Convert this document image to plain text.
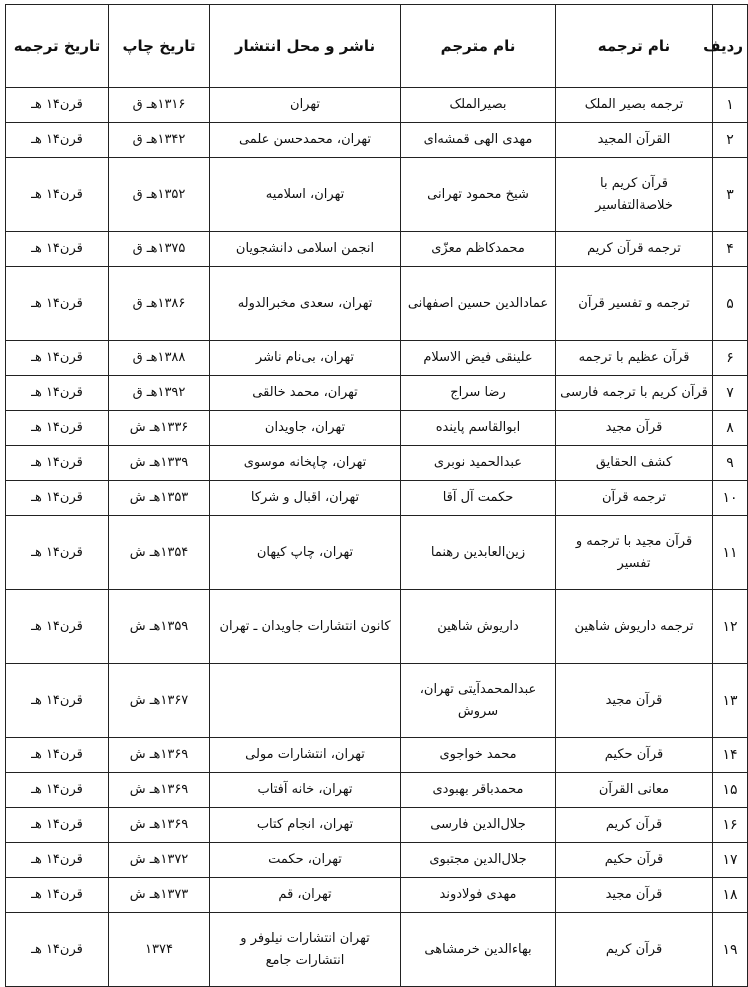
ردیف	نام ترجمه	نام مترجم	ناشر و محل انتشار	تاریخ چاپ	تاریخ ترجمه
۱	ترجمه بصیر الملک	بصیرالملک	تهران	۱۳۱۶هـ ق	قرن۱۴ هـ
۲	القرآن المجید	مهدی الهی قمشه‌ای	تهران، محمدحسن علمی	۱۳۴۲هـ ق	قرن۱۴ هـ
۳	قرآن کریم با خلاصة‌التفاسیر	شیخ محمود تهرانی	تهران، اسلامیه	۱۳۵۲هـ ق	قرن۱۴ هـ
۴	ترجمه قرآن کریم	محمدکاظم معزّی	انجمن اسلامی دانشجویان	۱۳۷۵هـ ق	قرن۱۴ هـ
۵	ترجمه و تفسیر قرآن	عمادالدین حسین اصفهانی	تهران، سعدی مخبرالدوله	۱۳۸۶هـ ق	قرن۱۴ هـ
۶	قرآن عظیم با ترجمه	علینقی فیض الاسلام	تهران، بی‌نام ناشر	۱۳۸۸هـ ق	قرن۱۴ هـ
۷	قرآن کریم با ترجمه فارسی	رضا سراج	تهران، محمد خالقی	۱۳۹۲هـ ق	قرن۱۴ هـ
۸	قرآن مجید	ابوالقاسم پاینده	تهران، جاویدان	۱۳۳۶هـ ش	قرن۱۴ هـ
۹	کشف الحقایق	عبدالحمید نوبری	تهران، چاپخانه موسوی	۱۳۳۹هـ ش	قرن۱۴ هـ
۱۰	ترجمه قرآن	حکمت آل آقا	تهران، اقبال و شرکا	۱۳۵۳هـ ش	قرن۱۴ هـ
۱۱	قرآن مجید با ترجمه و تفسیر	زین‌العابدین رهنما	تهران، چاپ کیهان	۱۳۵۴هـ ش	قرن۱۴ هـ
۱۲	ترجمه داریوش شاهین	داریوش شاهین	کانون انتشارات جاویدان ـ تهران	۱۳۵۹هـ ش	قرن۱۴ هـ
۱۳	قرآن مجید	عبدالمحمدآیتی تهران، سروش		۱۳۶۷هـ ش	قرن۱۴ هـ
۱۴	قرآن حکیم	محمد خواجوی	تهران، انتشارات مولی	۱۳۶۹هـ ش	قرن۱۴ هـ
۱۵	معانی القرآن	محمدباقر بهبودی	تهران، خانه آفتاب	۱۳۶۹هـ ش	قرن۱۴ هـ
۱۶	قرآن کریم	جلال‌الدین فارسی	تهران، انجام کتاب	۱۳۶۹هـ ش	قرن۱۴ هـ
۱۷	قرآن حکیم	جلال‌الدین مجتبوی	تهران، حکمت	۱۳۷۲هـ ش	قرن۱۴ هـ
۱۸	قرآن مجید	مهدی فولادوند	تهران، قم	۱۳۷۳هـ ش	قرن۱۴ هـ
۱۹	قرآن کریم	بهاءالدین خرمشاهی	تهران انتشارات نیلوفر و انتشارات جامع	۱۳۷۴	قرن۱۴ هـ
